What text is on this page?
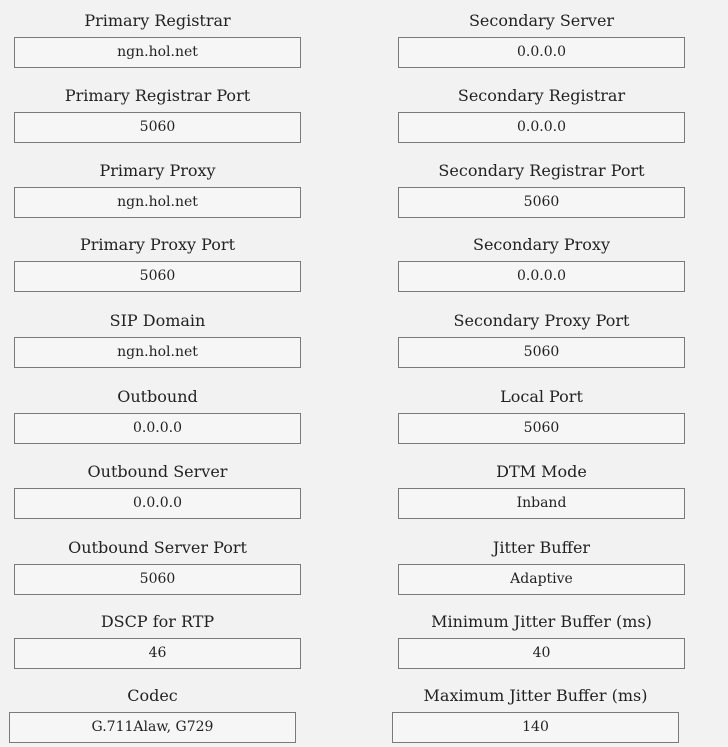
Primary Registrar
ngn.hol.net
Primary Registrar Port
5060
Primary Proxy
ngn.hol.net
Primary Proxy Port
5060
SIP Domain
ngn.hol.net
Outbound
0.0.0.0
Outbound Server
0.0.0.0
Outbound Server Port
5060
DSCP for RTP
46
Codec
G.711Alaw, G729
Secondary Server
0.0.0.0
Secondary Registrar
0.0.0.0
Secondary Registrar Port
5060
Secondary Proxy
0.0.0.0
Secondary Proxy Port
5060
Local Port
5060
DTM Mode
Inband
Jitter Buffer
Adaptive
Minimum Jitter Buffer (ms)
40
Maximum Jitter Buffer (ms)
140
